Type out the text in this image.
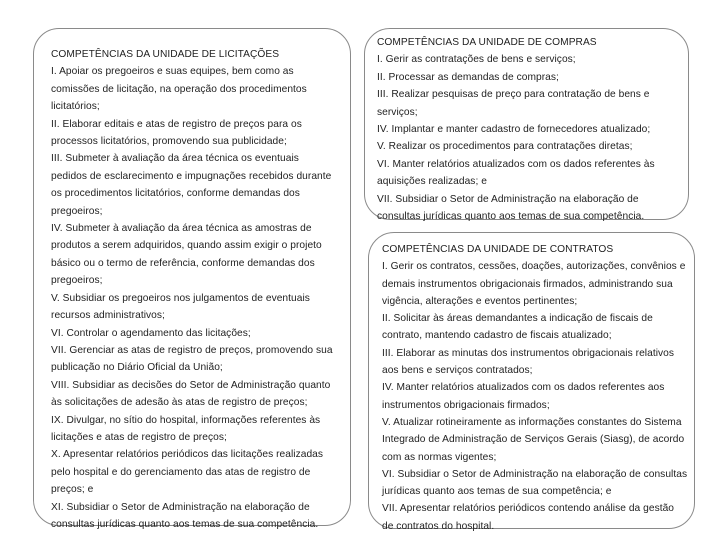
COMPETÊNCIAS DA UNIDADE DE LICITAÇÕES

I. Apoiar os pregoeiros e suas equipes, bem como as comissões de licitação, na operação dos procedimentos licitatórios;

II. Elaborar editais e atas de registro de preços para os processos licitatórios, promovendo sua publicidade;

III. Submeter à avaliação da área técnica os eventuais pedidos de esclarecimento e impugnações recebidos durante os procedimentos licitatórios, conforme demandas dos pregoeiros;

IV. Submeter à avaliação da área técnica as amostras de produtos a serem adquiridos, quando assim exigir o projeto básico ou o termo de referência, conforme demandas dos pregoeiros;

V. Subsidiar os pregoeiros nos julgamentos de eventuais recursos administrativos;

VI. Controlar o agendamento das licitações;

VII. Gerenciar as atas de registro de preços, promovendo sua publicação no Diário Oficial da União;

VIII. Subsidiar as decisões do Setor de Administração quanto às solicitações de adesão às atas de registro de preços;

IX. Divulgar, no sítio do hospital, informações referentes às licitações e atas de registro de preços;

X. Apresentar relatórios periódicos das licitações realizadas pelo hospital e do gerenciamento das atas de registro de preços; e

XI. Subsidiar o Setor de Administração na elaboração de consultas jurídicas quanto aos temas de sua competência.

COMPETÊNCIAS DA UNIDADE DE COMPRAS

I. Gerir as contratações de bens e serviços;

II. Processar as demandas de compras;

III. Realizar pesquisas de preço para contratação de bens e serviços;

IV. Implantar e manter cadastro de fornecedores atualizado;

V. Realizar os procedimentos para contratações diretas;

VI. Manter relatórios atualizados com os dados referentes às aquisições realizadas; e

VII. Subsidiar o Setor de Administração na elaboração de consultas jurídicas quanto aos temas de sua competência.

COMPETÊNCIAS DA UNIDADE DE CONTRATOS

I. Gerir os contratos, cessões, doações, autorizações, convênios e demais instrumentos obrigacionais firmados, administrando sua vigência, alterações e eventos pertinentes;

II. Solicitar às áreas demandantes a indicação de fiscais de contrato, mantendo cadastro de fiscais atualizado;

III. Elaborar as minutas dos instrumentos obrigacionais relativos aos bens e serviços contratados;

IV. Manter relatórios atualizados com os dados referentes aos instrumentos obrigacionais firmados;

V. Atualizar rotineiramente as informações constantes do Sistema Integrado de Administração de Serviços Gerais (Siasg), de acordo com as normas vigentes;

VI. Subsidiar o Setor de Administração na elaboração de consultas jurídicas quanto aos temas de sua competência; e

VII. Apresentar relatórios periódicos contendo análise da gestão de contratos do hospital.
